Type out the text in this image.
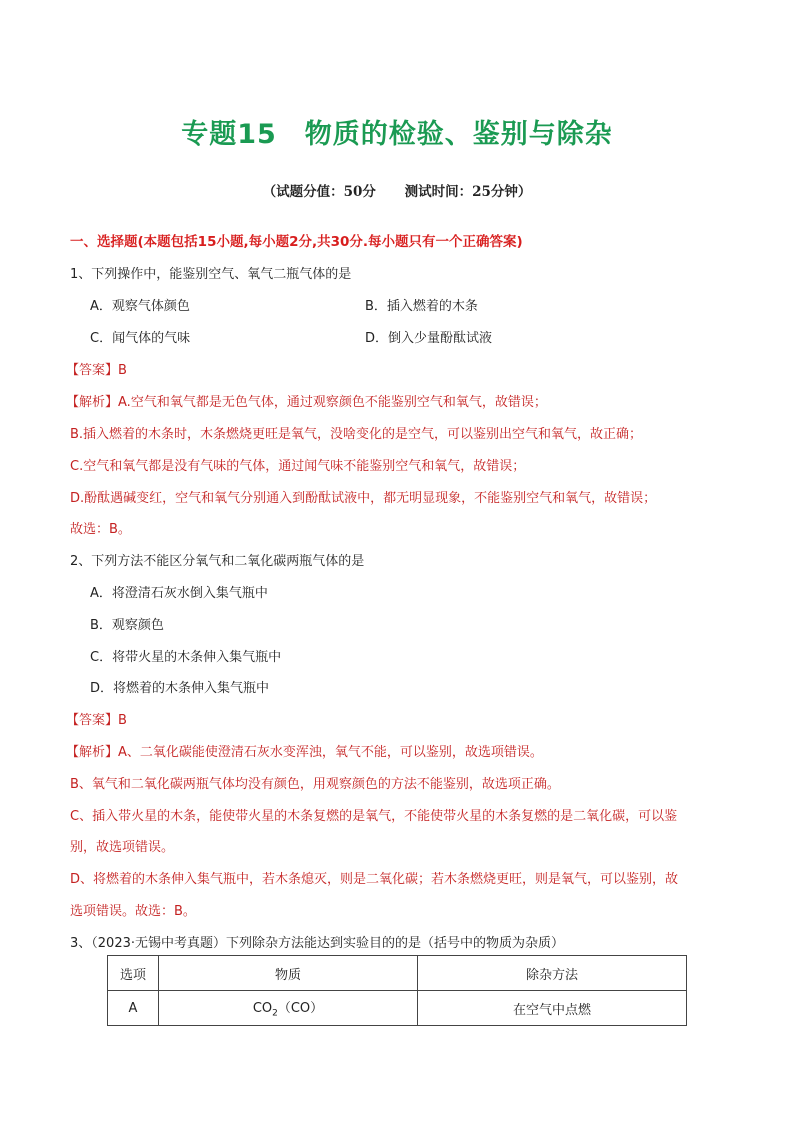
专题15　物质的检验、鉴别与除杂
（试题分值：50分 测试时间：25分钟）
一、选择题(本题包括15小题,每小题2分,共30分.每小题只有一个正确答案)
1、下列操作中，能鉴别空气、氧气二瓶气体的是
A．观察气体颜色	B．插入燃着的木条
C．闻气体的气味	D．倒入少量酚酞试液
【答案】B
【解析】A.空气和氧气都是无色气体，通过观察颜色不能鉴别空气和氧气，故错误；
B.插入燃着的木条时，木条燃烧更旺是氧气，没啥变化的是空气，可以鉴别出空气和氧气，故正确；
C.空气和氧气都是没有气味的气体，通过闻气味不能鉴别空气和氧气，故错误；
D.酚酞遇碱变红，空气和氧气分别通入到酚酞试液中，都无明显现象，不能鉴别空气和氧气，故错误；
故选：B。
2、下列方法不能区分氧气和二氧化碳两瓶气体的是
A．将澄清石灰水倒入集气瓶中
B．观察颜色
C．将带火星的木条伸入集气瓶中
D．将燃着的木条伸入集气瓶中
【答案】B
【解析】A、二氧化碳能使澄清石灰水变浑浊，氧气不能，可以鉴别，故选项错误。
B、氧气和二氧化碳两瓶气体均没有颜色，用观察颜色的方法不能鉴别，故选项正确。
C、插入带火星的木条，能使带火星的木条复燃的是氧气，不能使带火星的木条复燃的是二氧化碳，可以鉴
别，故选项错误。
D、将燃着的木条伸入集气瓶中，若木条熄灭，则是二氧化碳；若木条燃烧更旺，则是氧气，可以鉴别，故
选项错误。故选：B。
3、（2023·无锡中考真题）下列除杂方法能达到实验目的的是（括号中的物质为杂质）
选项	物质	除杂方法
A	$CO_2(CO)$	在空气中点燃
